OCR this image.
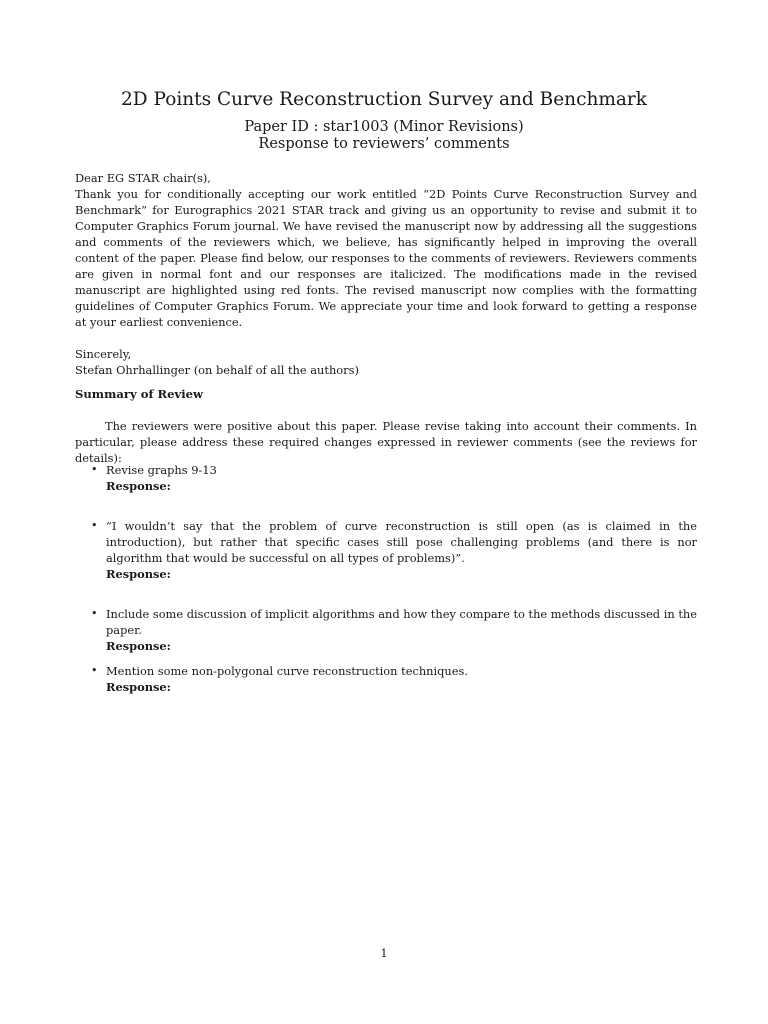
2D Points Curve Reconstruction Survey and Benchmark
Paper ID : star1003 (Minor Revisions)
Response to reviewers’ comments

Dear EG STAR chair(s),

Thank you for conditionally accepting our work entitled “2D Points Curve Reconstruction Survey and Benchmark” for Eurographics 2021 STAR track and giving us an opportunity to revise and submit it to Computer Graphics Forum journal. We have revised the manuscript now by addressing all the suggestions and comments of the reviewers which, we believe, has significantly helped in improving the overall content of the paper. Please find below, our responses to the comments of reviewers. Reviewers comments are given in normal font and our responses are italicized. The modifications made in the revised manuscript are highlighted using red fonts. The revised manuscript now complies with the formatting guidelines of Computer Graphics Forum. We appreciate your time and look forward to getting a response at your earliest convenience.

Sincerely,

Stefan Ohrhallinger (on behalf of all the authors)

Summary of Review

The reviewers were positive about this paper. Please revise taking into account their comments. In particular, please address these required changes expressed in reviewer comments (see the reviews for details):

• Revise graphs 9-13
Response:
• “I wouldn’t say that the problem of curve reconstruction is still open (as is claimed in the introduction), but rather that specific cases still pose challenging problems (and there is nor algorithm that would be successful on all types of problems)”.
Response:
• Include some discussion of implicit algorithms and how they compare to the methods discussed in the paper.
Response:
• Mention some non-polygonal curve reconstruction techniques.
Response:
1
